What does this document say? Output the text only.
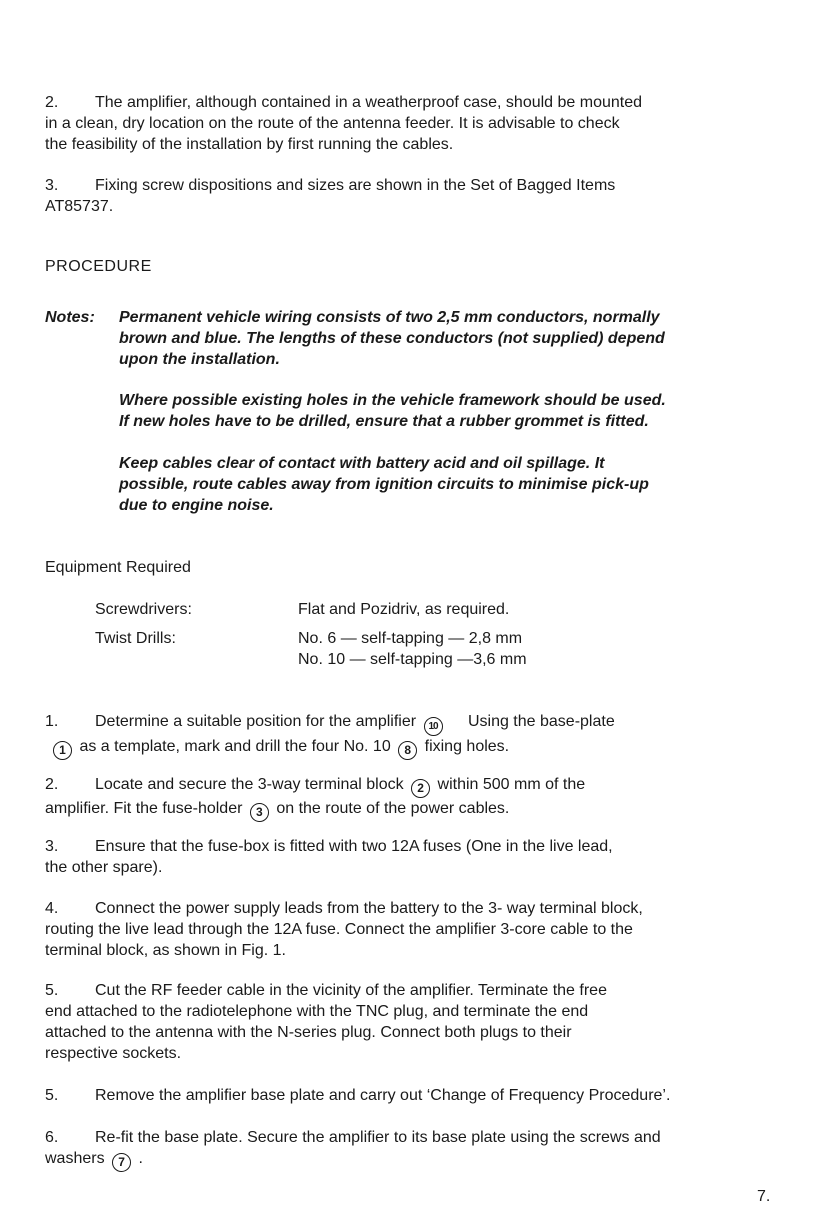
2. The amplifier, although contained in a weatherproof case, should be mounted
in a clean, dry location on the route of the antenna feeder. It is advisable to check
the feasibility of the installation by first running the cables.
3. Fixing screw dispositions and sizes are shown in the Set of Bagged Items
AT85737.
PROCEDURE
Notes: Permanent vehicle wiring consists of two 2,5 mm conductors, normally
brown and blue. The lengths of these conductors (not supplied) depend
upon the installation.
Where possible existing holes in the vehicle framework should be used.
If new holes have to be drilled, ensure that a rubber grommet is fitted.
Keep cables clear of contact with battery acid and oil spillage. It
possible, route cables away from ignition circuits to minimise pick-up
due to engine noise.
Equipment Required
Screwdrivers:	Flat and Pozidriv, as required.
Twist Drills:	No. 6 — self-tapping — 2,8 mm
No. 10 — self-tapping —3,6 mm
1. Determine a suitable position for the amplifier 10 Using the base-plate
1 as a template, mark and drill the four No. 10 8 fixing holes.
2. Locate and secure the 3-way terminal block 2 within 500 mm of the
amplifier. Fit the fuse-holder 3 on the route of the power cables.
3. Ensure that the fuse-box is fitted with two 12A fuses (One in the live lead,
the other spare).
4. Connect the power supply leads from the battery to the 3- way terminal block,
routing the live lead through the 12A fuse. Connect the amplifier 3-core cable to the
terminal block, as shown in Fig. 1.
5. Cut the RF feeder cable in the vicinity of the amplifier. Terminate the free
end attached to the radiotelephone with the TNC plug, and terminate the end
attached to the antenna with the N-series plug. Connect both plugs to their
respective sockets.
5. Remove the amplifier base plate and carry out ‘Change of Frequency Procedure’.
6. Re-fit the base plate. Secure the amplifier to its base plate using the screws and
washers 7 .
7.
